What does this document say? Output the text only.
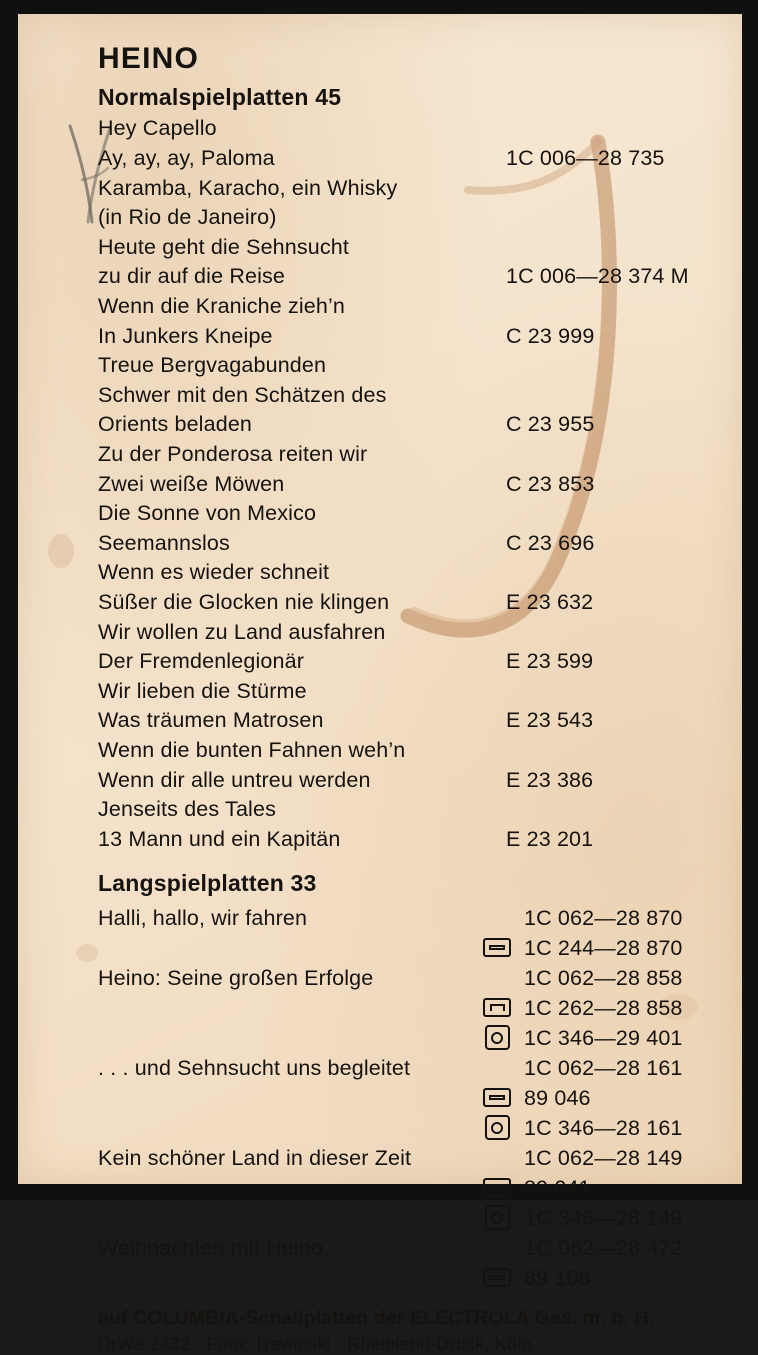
HEINO
Normalspielplatten 45
Hey Capello
Ay, ay, ay, Paloma	1C 006—28 735
Karamba, Karacho, ein Whisky
(in Rio de Janeiro)
Heute geht die Sehnsucht
zu dir auf die Reise	1C 006—28 374 M
Wenn die Kraniche zieh’n
In Junkers Kneipe	C 23 999
Treue Bergvagabunden
Schwer mit den Schätzen des
Orients beladen	C 23 955
Zu der Ponderosa reiten wir
Zwei weiße Möwen	C 23 853
Die Sonne von Mexico
Seemannslos	C 23 696
Wenn es wieder schneit
Süßer die Glocken nie klingen	E 23 632
Wir wollen zu Land ausfahren
Der Fremdenlegionär	E 23 599
Wir lieben die Stürme
Was träumen Matrosen	E 23 543
Wenn die bunten Fahnen weh’n
Wenn dir alle untreu werden	E 23 386
Jenseits des Tales
13 Mann und ein Kapitän	E 23 201
Langspielplatten 33
Halli, hallo, wir fahren	1C 062—28 870
1C 244—28 870
Heino: Seine großen Erfolge	1C 062—28 858
1C 262—28 858
1C 346—29 401
. . . und Sehnsucht uns begleitet	1C 062—28 161
89 046
1C 346—28 161
Kein schöner Land in dieser Zeit	1C 062—28 149
89 041
1C 346—28 149
Weihnachten mit Heino	1C 062—28 472
89 108
auf COLUMBIA-Schallplatten der ELECTROLA Ges. m. b. H.
DrWa 2432 · Foto: Trawinski · Rheinland-Druck, Köln
